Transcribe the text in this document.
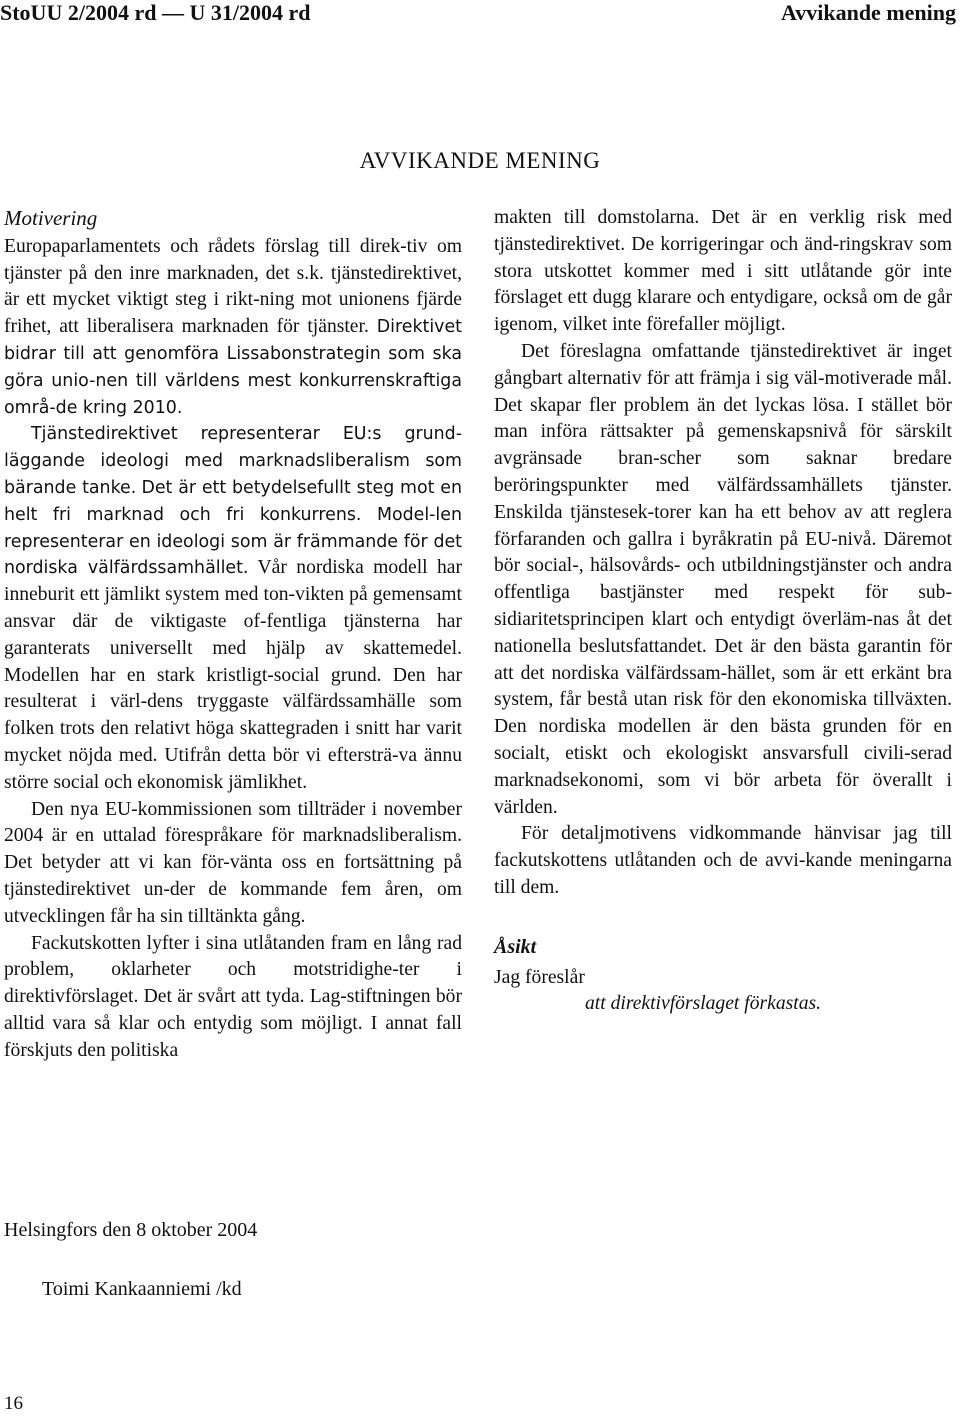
StoUU 2/2004 rd — U 31/2004 rd	Avvikande mening
AVVIKANDE MENING
Motivering

Europaparlamentets och rådets förslag till direk-tiv om tjänster på den inre marknaden, det s.k. tjänstedirektivet, är ett mycket viktigt steg i rikt-ning mot unionens fjärde frihet, att liberalisera marknaden för tjänster. Direktivet bidrar till att genomföra Lissabonstrategin som ska göra unio-nen till världens mest konkurrenskraftiga områ-de kring 2010.

Tjänstedirektivet representerar EU:s grund-läggande ideologi med marknadsliberalism som bärande tanke. Det är ett betydelsefullt steg mot en helt fri marknad och fri konkurrens. Model-len representerar en ideologi som är främmande för det nordiska välfärdssamhället. Vår nordiska modell har inneburit ett jämlikt system med ton-vikten på gemensamt ansvar där de viktigaste of-fentliga tjänsterna har garanterats universellt med hjälp av skattemedel. Modellen har en stark kristligt-social grund. Den har resulterat i värl-dens tryggaste välfärdssamhälle som folken trots den relativt höga skattegraden i snitt har varit mycket nöjda med. Utifrån detta bör vi eftersträ-va ännu större social och ekonomisk jämlikhet.

Den nya EU-kommissionen som tillträder i november 2004 är en uttalad förespråkare för marknadsliberalism. Det betyder att vi kan för-vänta oss en fortsättning på tjänstedirektivet un-der de kommande fem åren, om utvecklingen får ha sin tilltänkta gång.

Fackutskotten lyfter i sina utlåtanden fram en lång rad problem, oklarheter och motstridighe-ter i direktivförslaget. Det är svårt att tyda. Lag-stiftningen bör alltid vara så klar och entydig som möjligt. I annat fall förskjuts den politiska

makten till domstolarna. Det är en verklig risk med tjänstedirektivet. De korrigeringar och änd-ringskrav som stora utskottet kommer med i sitt utlåtande gör inte förslaget ett dugg klarare och entydigare, också om de går igenom, vilket inte förefaller möjligt.

Det föreslagna omfattande tjänstedirektivet är inget gångbart alternativ för att främja i sig väl-motiverade mål. Det skapar fler problem än det lyckas lösa. I stället bör man införa rättsakter på gemenskapsnivå för särskilt avgränsade bran-scher som saknar bredare beröringspunkter med välfärdssamhällets tjänster. Enskilda tjänstesek-torer kan ha ett behov av att reglera förfaranden och gallra i byråkratin på EU-nivå. Däremot bör social-, hälsovårds- och utbildningstjänster och andra offentliga bastjänster med respekt för sub-sidiaritetsprincipen klart och entydigt överläm-nas åt det nationella beslutsfattandet. Det är den bästa garantin för att det nordiska välfärdssam-hället, som är ett erkänt bra system, får bestå utan risk för den ekonomiska tillväxten. Den nordiska modellen är den bästa grunden för en socialt, etiskt och ekologiskt ansvarsfull civili-serad marknadsekonomi, som vi bör arbeta för överallt i världen.

För detaljmotivens vidkommande hänvisar jag till fackutskottens utlåtanden och de avvi-kande meningarna till dem.

Åsikt

Jag föreslår

att direktivförslaget förkastas.

Helsingfors den 8 oktober 2004
Toimi Kankaanniemi /kd
16
